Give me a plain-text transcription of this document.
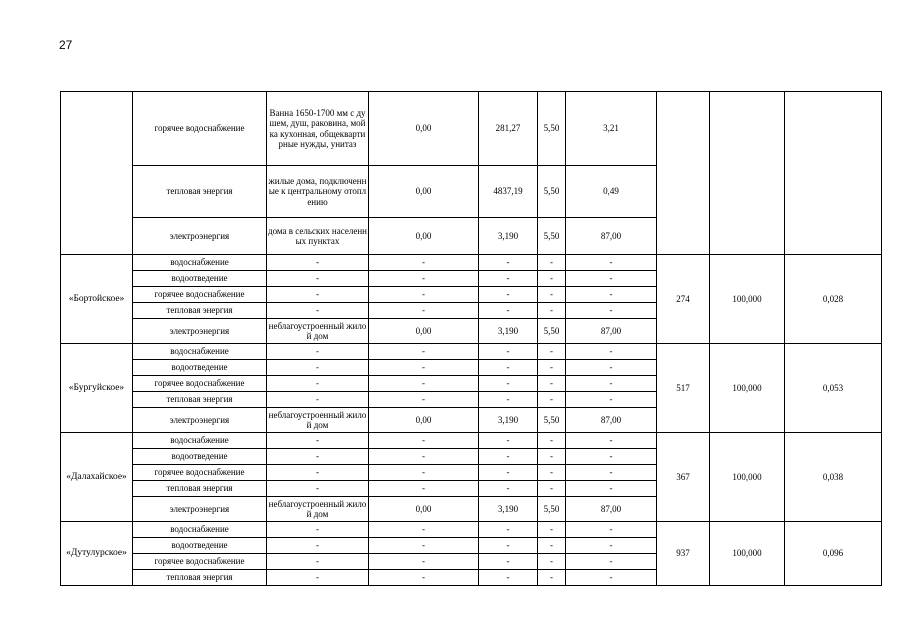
27
	горячее водоснабжение	Ванна 1650-1700 мм с душем, душ, раковина, мойка кухонная, общеквартирные нужды, унитаз	0,00	281,27	5,50	3,21			
	тепловая энергия	жилые дома, подключенные к центральному отоплению	0,00	4837,19	5,50	0,49			
	электроэнергия	дома в сельских населенных пунктах	0,00	3,190	5,50	87,00			
«Бортойское»	водоснабжение	-	-	-	-	-	274	100,000	0,028
	водоотведение	-	-	-	-	-			
	горячее водоснабжение	-	-	-	-	-			
	тепловая энергия	-	-	-	-	-			
	электроэнергия	неблагоустроенный жилой дом	0,00	3,190	5,50	87,00			
«Бургуйское»	водоснабжение	-	-	-	-	-	517	100,000	0,053
	водоотведение	-	-	-	-	-			
	горячее водоснабжение	-	-	-	-	-			
	тепловая энергия	-	-	-	-	-			
	электроэнергия	неблагоустроенный жилой дом	0,00	3,190	5,50	87,00			
«Далахайское»	водоснабжение	-	-	-	-	-	367	100,000	0,038
	водоотведение	-	-	-	-	-			
	горячее водоснабжение	-	-	-	-	-			
	тепловая энергия	-	-	-	-	-			
	электроэнергия	неблагоустроенный жилой дом	0,00	3,190	5,50	87,00			
«Дутулурское»	водоснабжение	-	-	-	-	-	937	100,000	0,096
	водоотведение	-	-	-	-	-			
	горячее водоснабжение	-	-	-	-	-			
	тепловая энергия	-	-	-	-	-			
